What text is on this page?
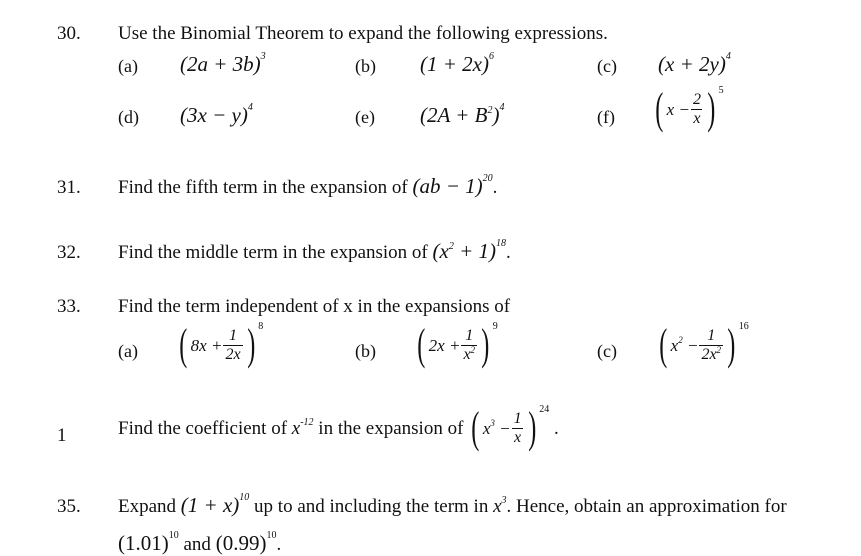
30. Use the Binomial Theorem to expand the following expressions.
(a) $(2a + 3b)^3$	(b) $(1 + 2x)^6$	(c) $(x + 2y)^4$
(d) $(3x - y)^4$	(e) $(2A + B^2)^4$	(f) ( $x - \frac{2}{x}$ ) 5
31. Find the fifth term in the expansion of (ab − 1)$^{20}$.
32. Find the middle term in the expansion of $(x^2 + 1)^{18}$.
33. Find the term independent of x in the expansions of
(a) ( $8x + \frac{1}{2x}$ ) 8
(b) ( $2x + \frac{1}{x^2}$ ) 9
(c) ( $x^2 - \frac{1}{2x^2}$ ) 16
1	Find the coefficient of
$x^{-12}$
in the expansion of
( $x^3 - \frac{1}{x}$ ) 24
.
35. Expand $(1 + x)^{10}$ up to and including the term in $x^3$. Hence, obtain an approximation for
$(1.01)^{10}$ and $(0.99)^{10}$.
